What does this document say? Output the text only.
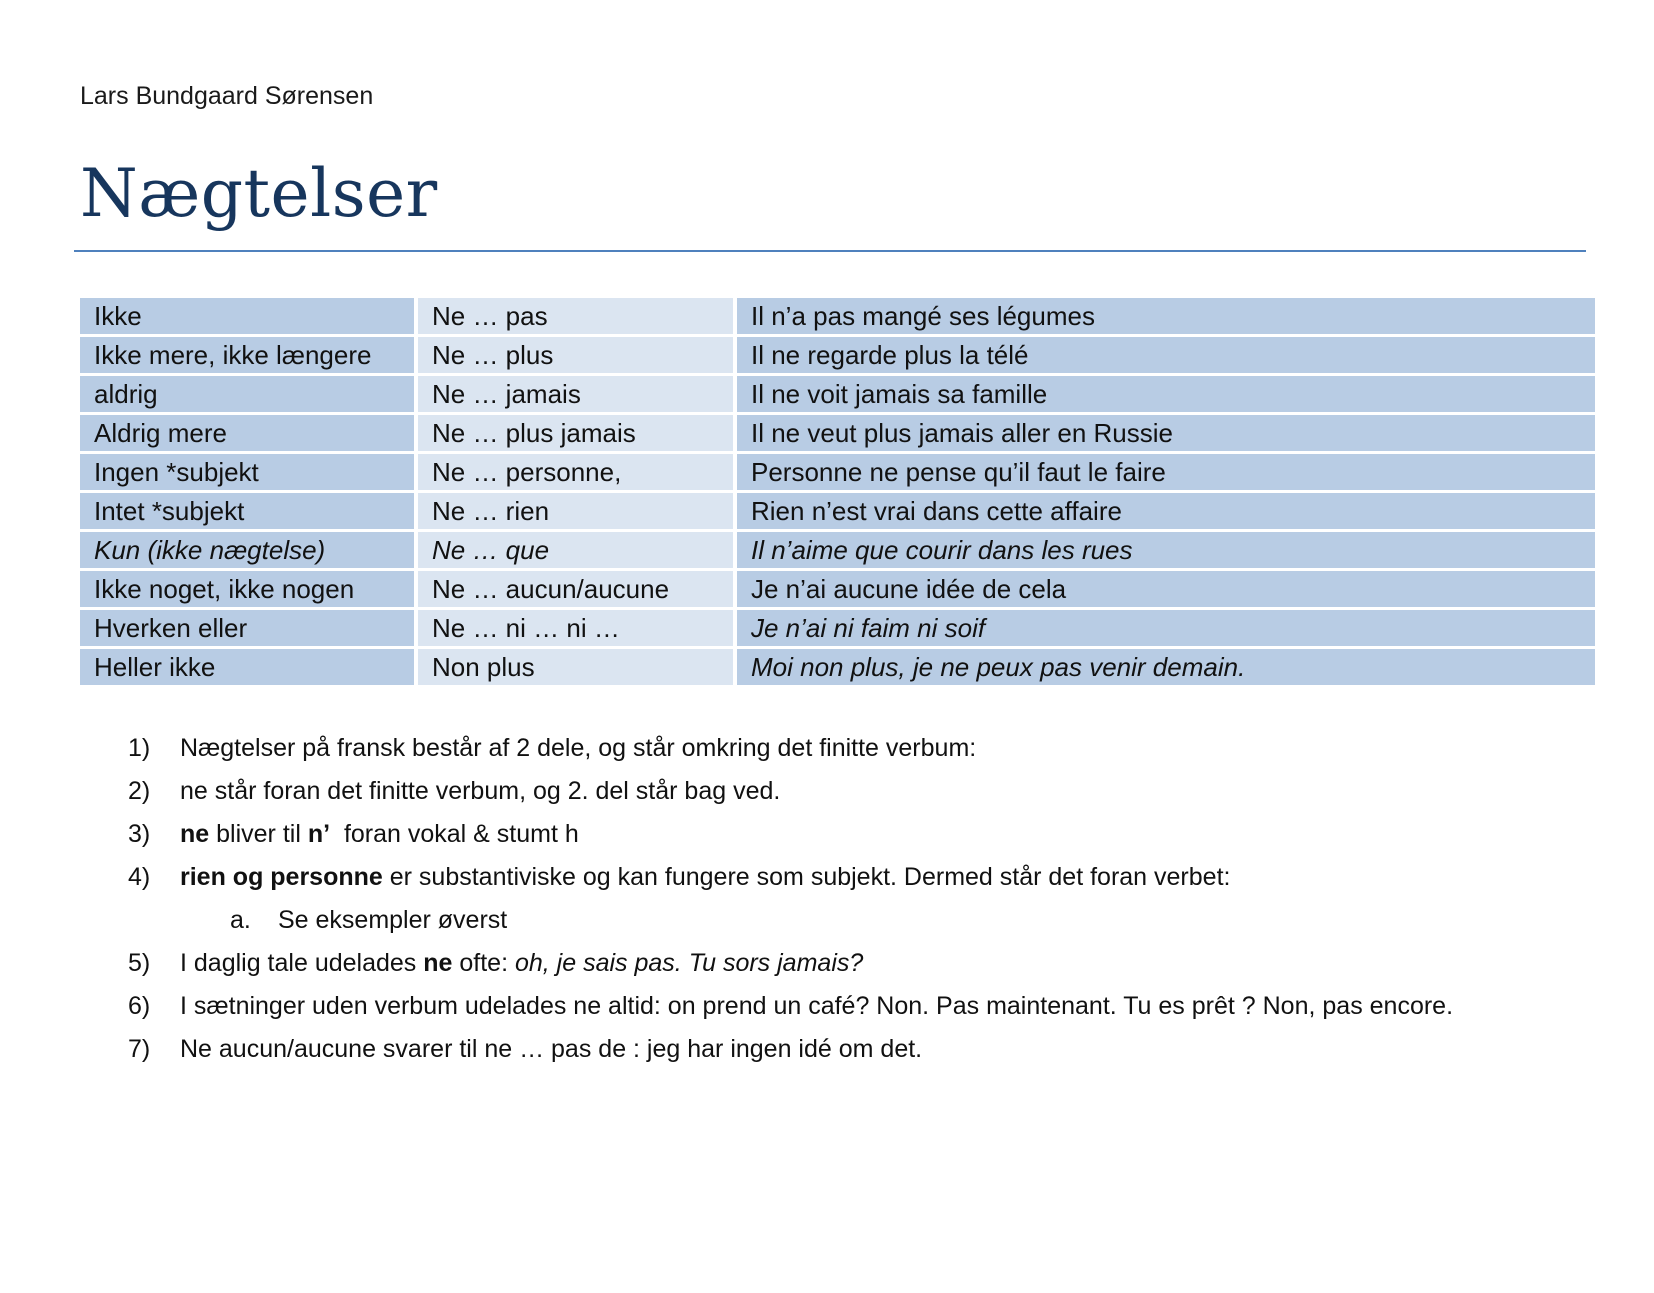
Lars Bundgaard Sørensen
Nægtelser
Ikke	Ne … pas	Il n’a pas mangé ses légumes
Ikke mere, ikke længere	Ne … plus	Il ne regarde plus la télé
aldrig	Ne … jamais	Il ne voit jamais sa famille
Aldrig mere	Ne … plus jamais	Il ne veut plus jamais aller en Russie
Ingen *subjekt	Ne … personne,	Personne ne pense qu’il faut le faire
Intet *subjekt	Ne … rien	Rien n’est vrai dans cette affaire
Kun (ikke nægtelse)	Ne … que	Il n’aime que courir dans les rues
Ikke noget, ikke nogen	Ne … aucun/aucune	Je n’ai aucune idée de cela
Hverken eller	Ne … ni … ni …	Je n’ai ni faim ni soif
Heller ikke	Non plus	Moi non plus, je ne peux pas venir demain.
1) Nægtelser på fransk består af 2 dele, og står omkring det finitte verbum:
2) ne står foran det finitte verbum, og 2. del står bag ved.
3) ne bliver til n’  foran vokal & stumt h
4) rien og personne er substantiviske og kan fungere som subjekt. Dermed står det foran verbet:
a. Se eksempler øverst
5) I daglig tale udelades ne ofte: oh, je sais pas. Tu sors jamais?
6) I sætninger uden verbum udelades ne altid: on prend un café? Non. Pas maintenant. Tu es prêt ? Non, pas encore.
7) Ne aucun/aucune svarer til ne … pas de : jeg har ingen idé om det.
